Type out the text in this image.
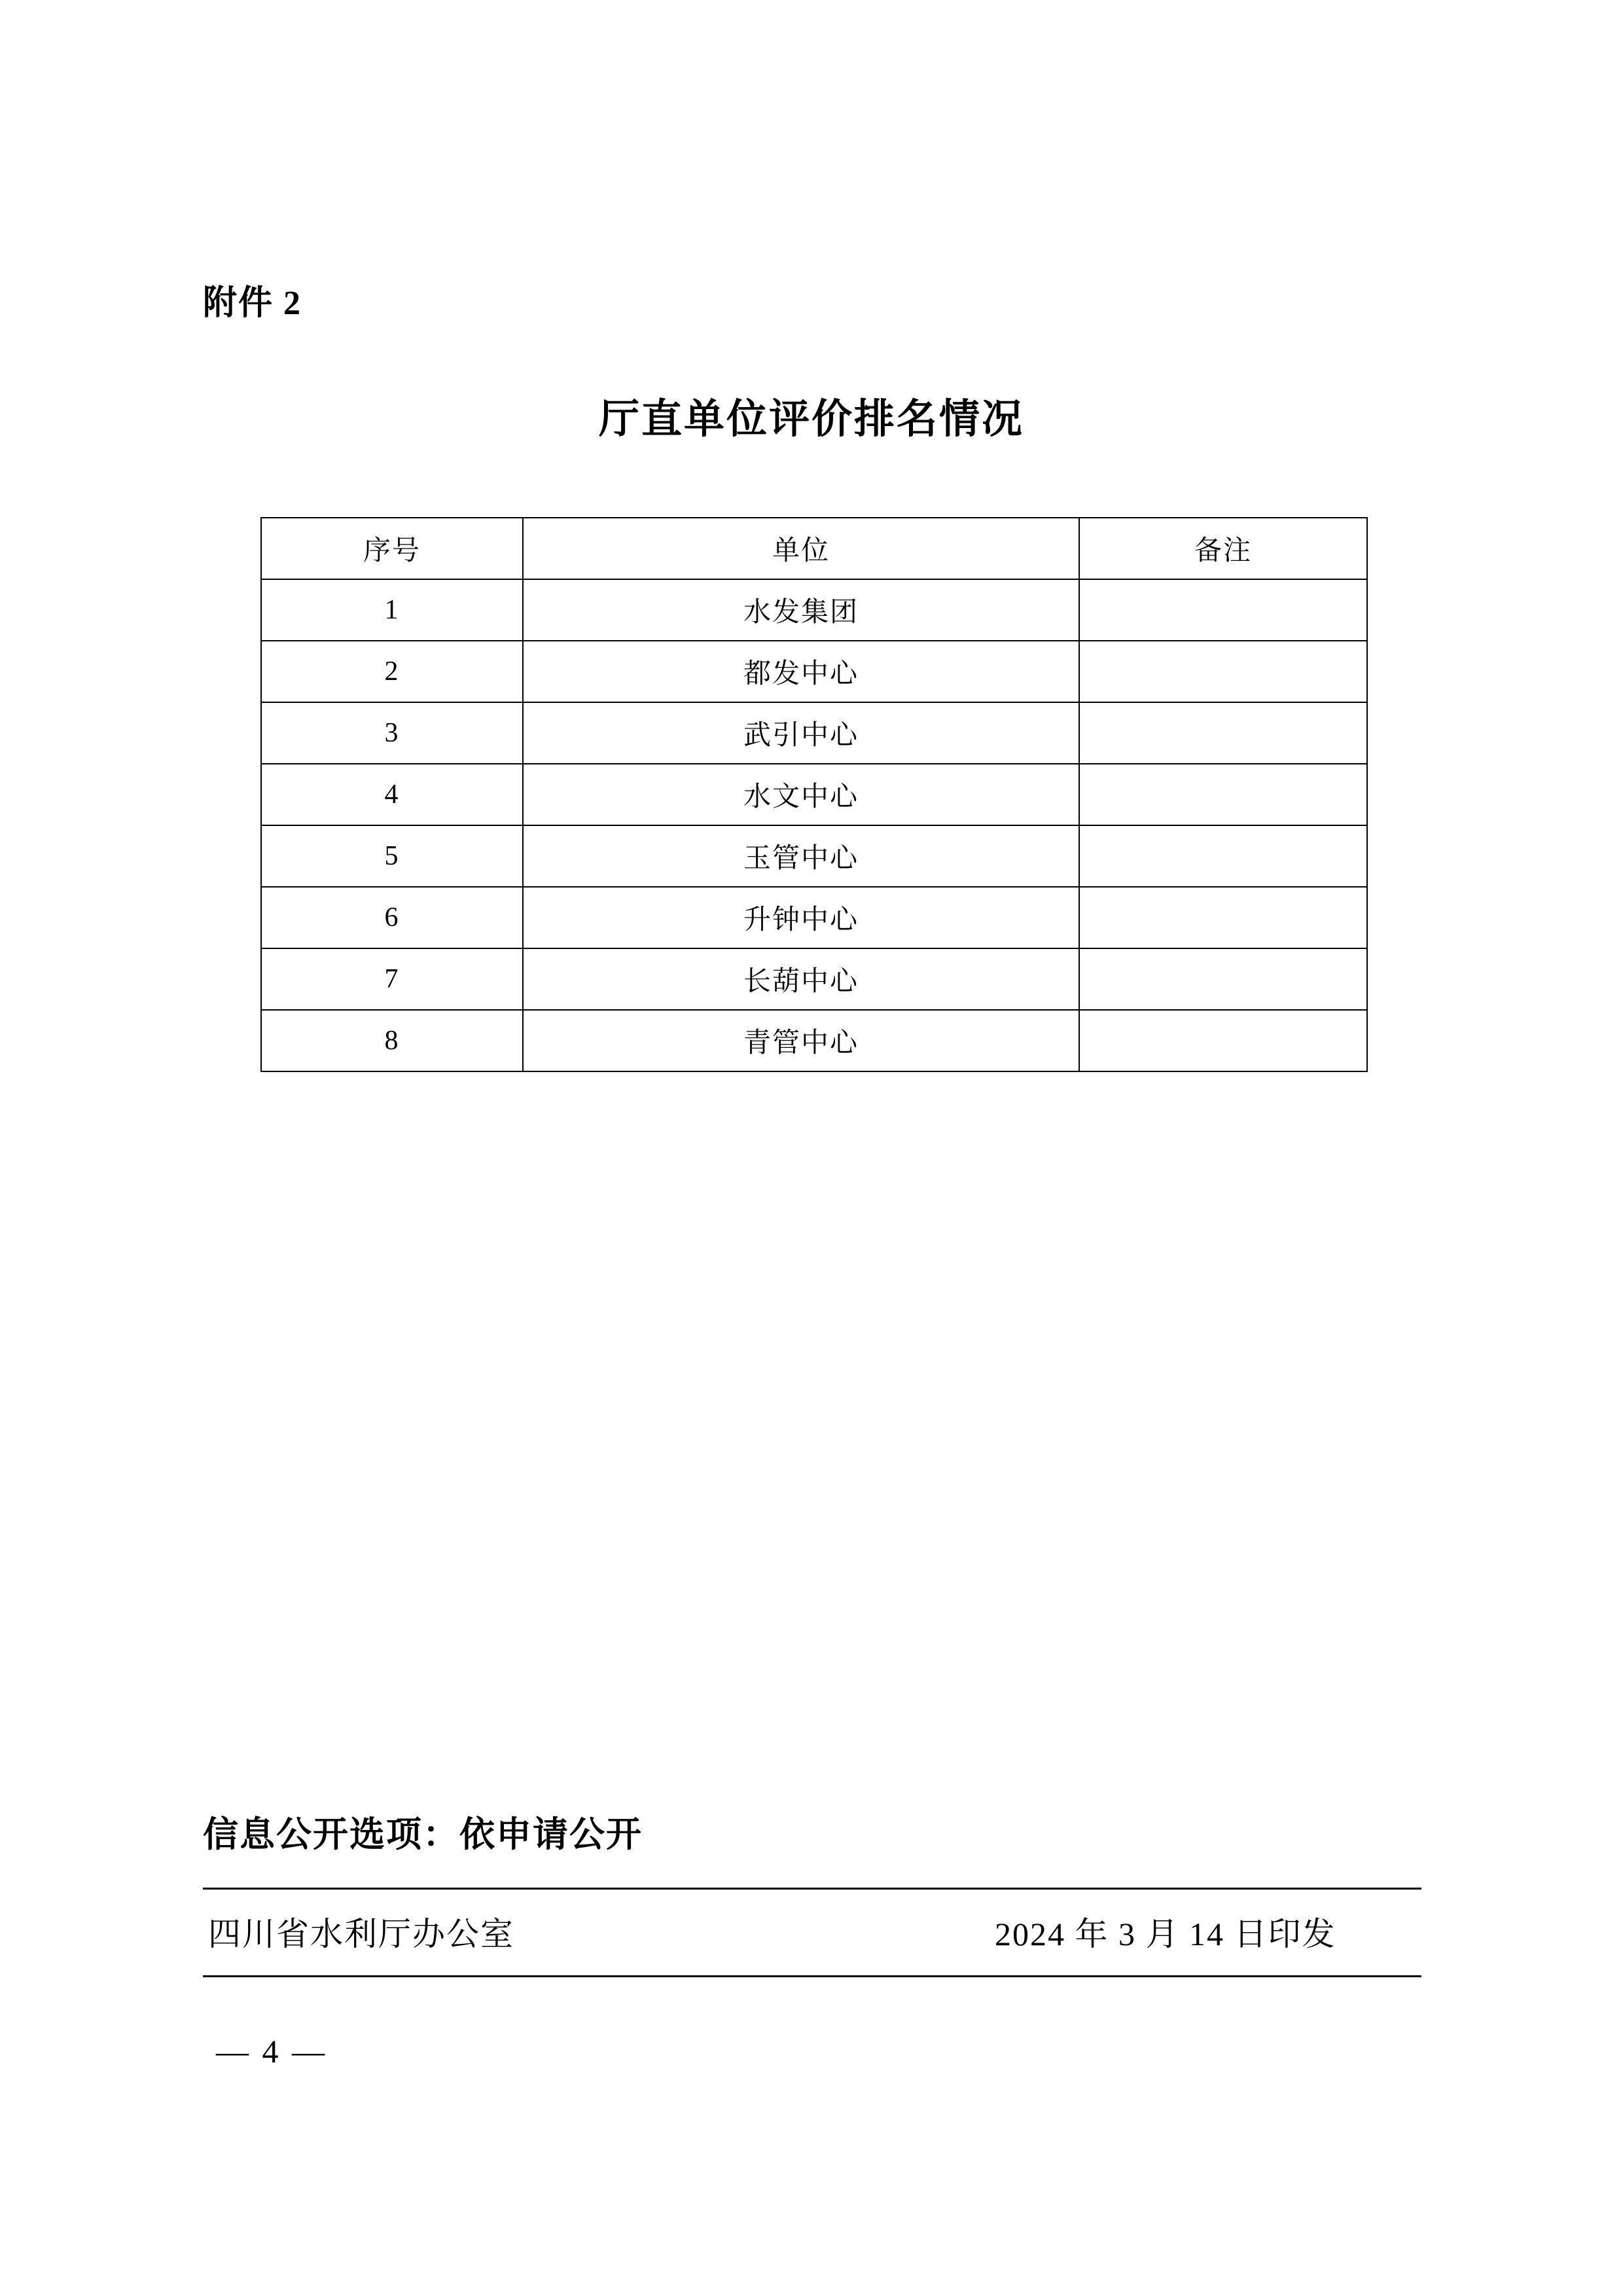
附件 2
厅直单位评价排名情况
序号	单位	备注
1	水发集团	
2	都发中心	
3	武引中心	
4	水文中心	
5	玉管中心	
6	升钟中心	
7	长葫中心	
8	青管中心	
信息公开选项：依申请公开
四川省水利厅办公室	2024 年 3 月 14 日印发
— 4 —
